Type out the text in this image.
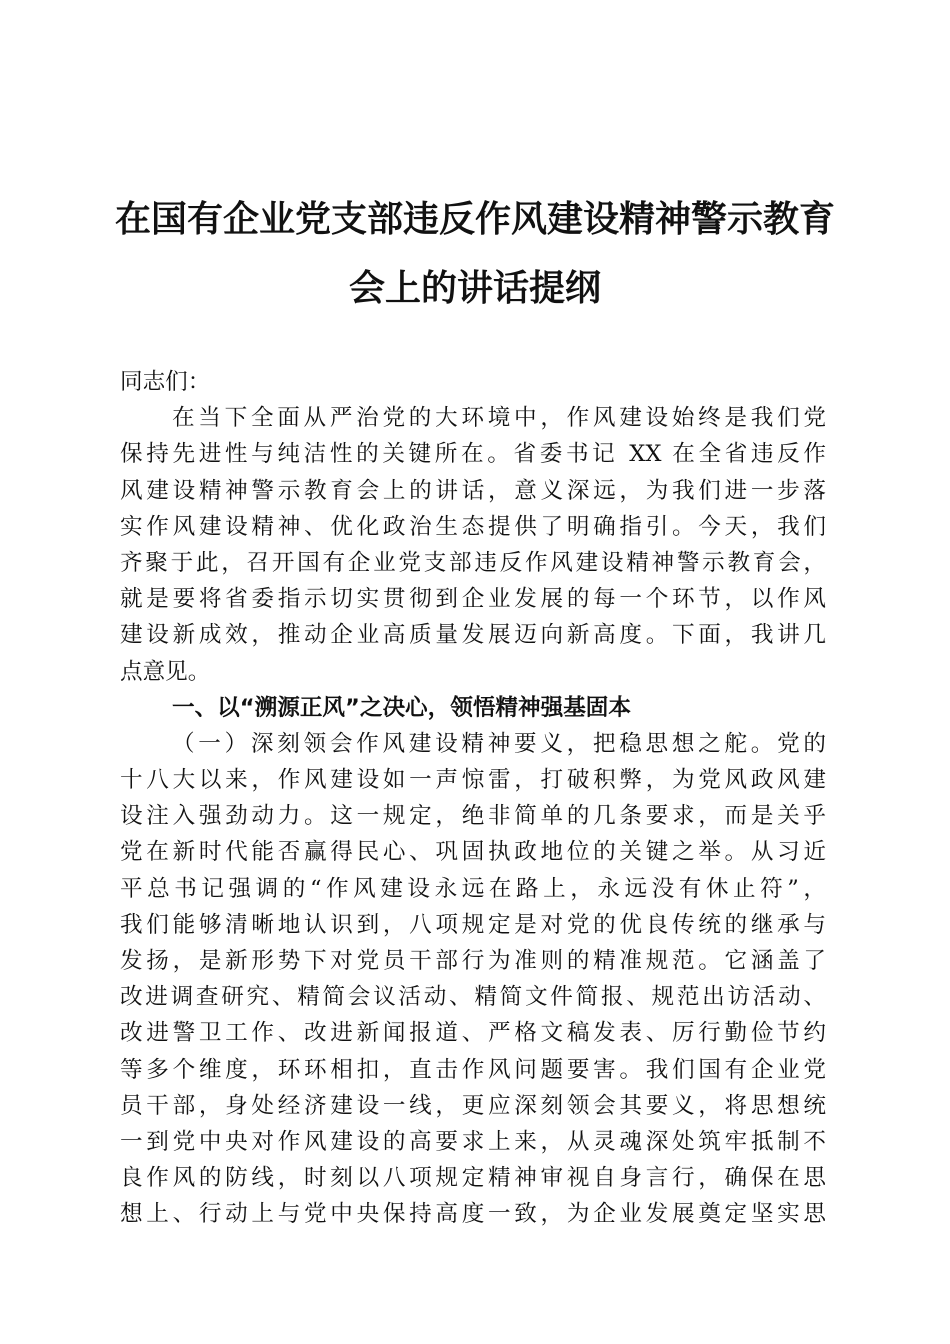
在国有企业党支部违反作风建设精神警示教育
会上的讲话提纲
同志们：
在当下全面从严治党的大环境中，作风建设始终是我们党
保持先进性与纯洁性的关键所在。省委书记 XX 在全省违反作
风建设精神警示教育会上的讲话，意义深远，为我们进一步落
实作风建设精神、优化政治生态提供了明确指引。今天，我们
齐聚于此，召开国有企业党支部违反作风建设精神警示教育会，
就是要将省委指示切实贯彻到企业发展的每一个环节，以作风
建设新成效，推动企业高质量发展迈向新高度。下面，我讲几
点意见。
一、以“溯源正风”之决心，领悟精神强基固本
（一）深刻领会作风建设精神要义，把稳思想之舵。党的
十八大以来，作风建设如一声惊雷，打破积弊，为党风政风建
设注入强劲动力。这一规定，绝非简单的几条要求，而是关乎
党在新时代能否赢得民心、巩固执政地位的关键之举。从习近
平总书记强调的“作风建设永远在路上，永远没有休止符”，
我们能够清晰地认识到，八项规定是对党的优良传统的继承与
发扬，是新形势下对党员干部行为准则的精准规范。它涵盖了
改进调查研究、精简会议活动、精简文件简报、规范出访活动、
改进警卫工作、改进新闻报道、严格文稿发表、厉行勤俭节约
等多个维度，环环相扣，直击作风问题要害。我们国有企业党
员干部，身处经济建设一线，更应深刻领会其要义，将思想统
一到党中央对作风建设的高要求上来，从灵魂深处筑牢抵制不
良作风的防线，时刻以八项规定精神审视自身言行，确保在思
想上、行动上与党中央保持高度一致，为企业发展奠定坚实思
